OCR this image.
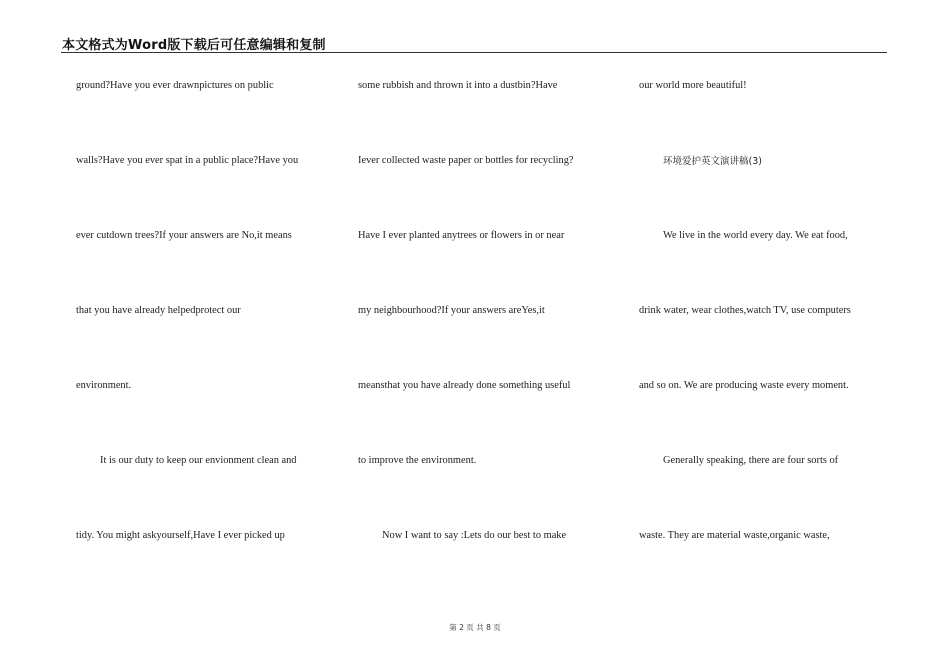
本文格式为Word版下载后可任意编辑和复制
ground?Have you ever drawnpictures on public
walls?Have you ever spat in a public place?Have you
ever cutdown trees?If your answers are No,it means
that you have already helpedprotect our
environment.
It is our duty to keep our envionment clean and
tidy. You might askyourself,Have I ever picked up
some rubbish and thrown it into a dustbin?Have
Iever collected waste paper or bottles for recycling?
Have I ever planted anytrees or flowers in or near
my neighbourhood?If your answers areYes,it
meansthat you have already done something useful
to improve the environment.
Now I want to say :Lets do our best to make
our world more beautiful!
环境爱护英文演讲稿(3)
We live in the world every day. We eat food,
drink water, wear clothes,watch TV, use computers
and so on. We are producing waste every moment.
Generally speaking, there are four sorts of
waste. They are material waste,organic waste,
第 2 页 共 8 页
